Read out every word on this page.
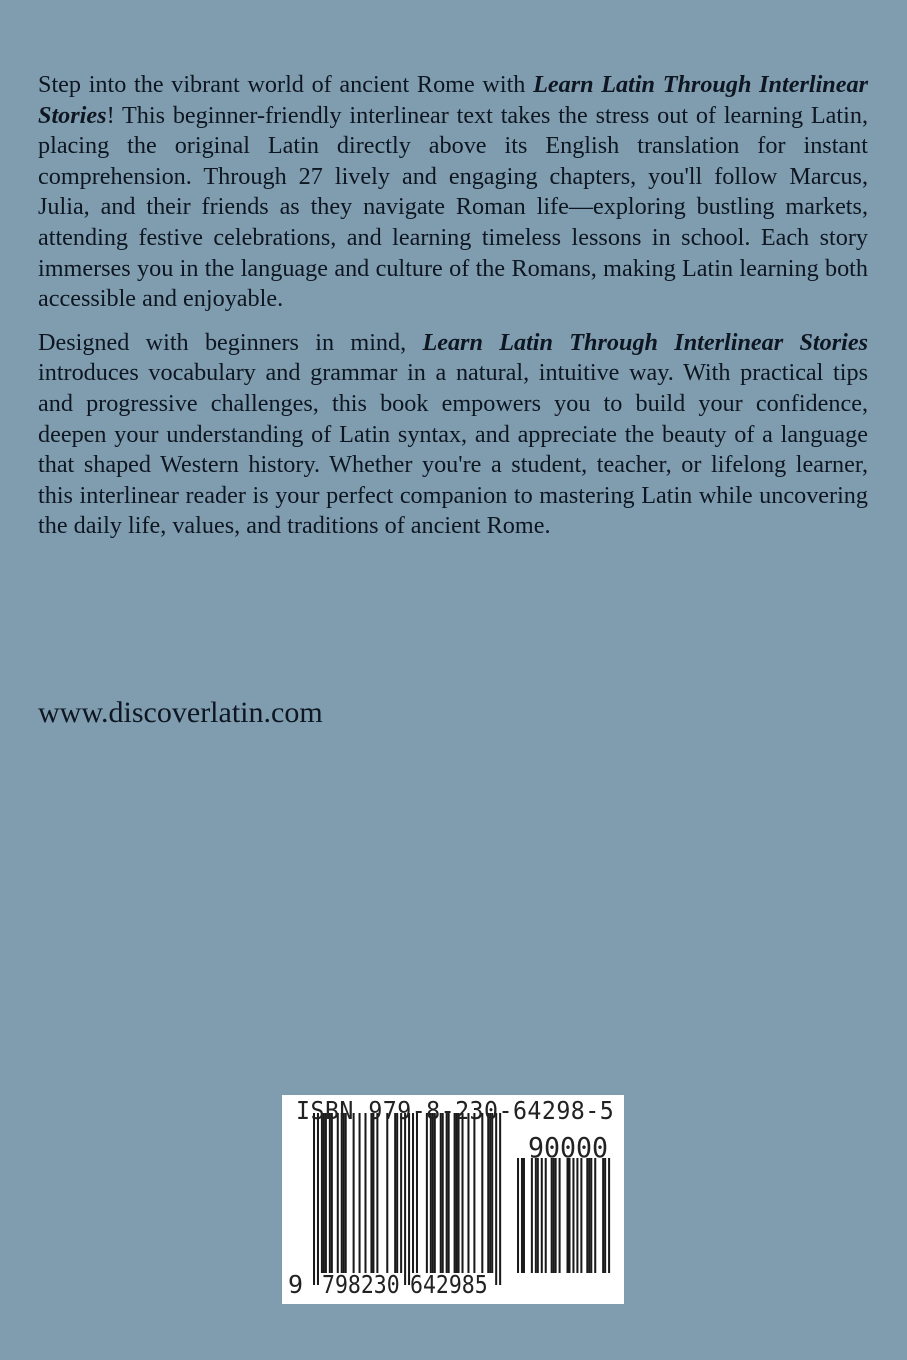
Step into the vibrant world of ancient Rome with Learn Latin Through Interlinear Stories! This beginner-friendly interlinear text takes the stress out of learning Latin, placing the original Latin directly above its English translation for instant comprehension. Through 27 lively and engaging chapters, you'll follow Marcus, Julia, and their friends as they navigate Roman life—exploring bustling markets, attending festive celebrations, and learning timeless lessons in school. Each story immerses you in the language and culture of the Romans, making Latin learning both accessible and enjoyable.

Designed with beginners in mind, Learn Latin Through Interlinear Stories introduces vocabulary and grammar in a natural, intuitive way. With practical tips and progressive challenges, this book empowers you to build your confidence, deepen your understanding of Latin syntax, and appreciate the beauty of a language that shaped Western history. Whether you're a student, teacher, or lifelong learner, this interlinear reader is your perfect companion to mastering Latin while uncovering the daily life, values, and traditions of ancient Rome.

www.discoverlatin.com
ISBN 979-8-230-64298-5
90000
9 798230 642985
